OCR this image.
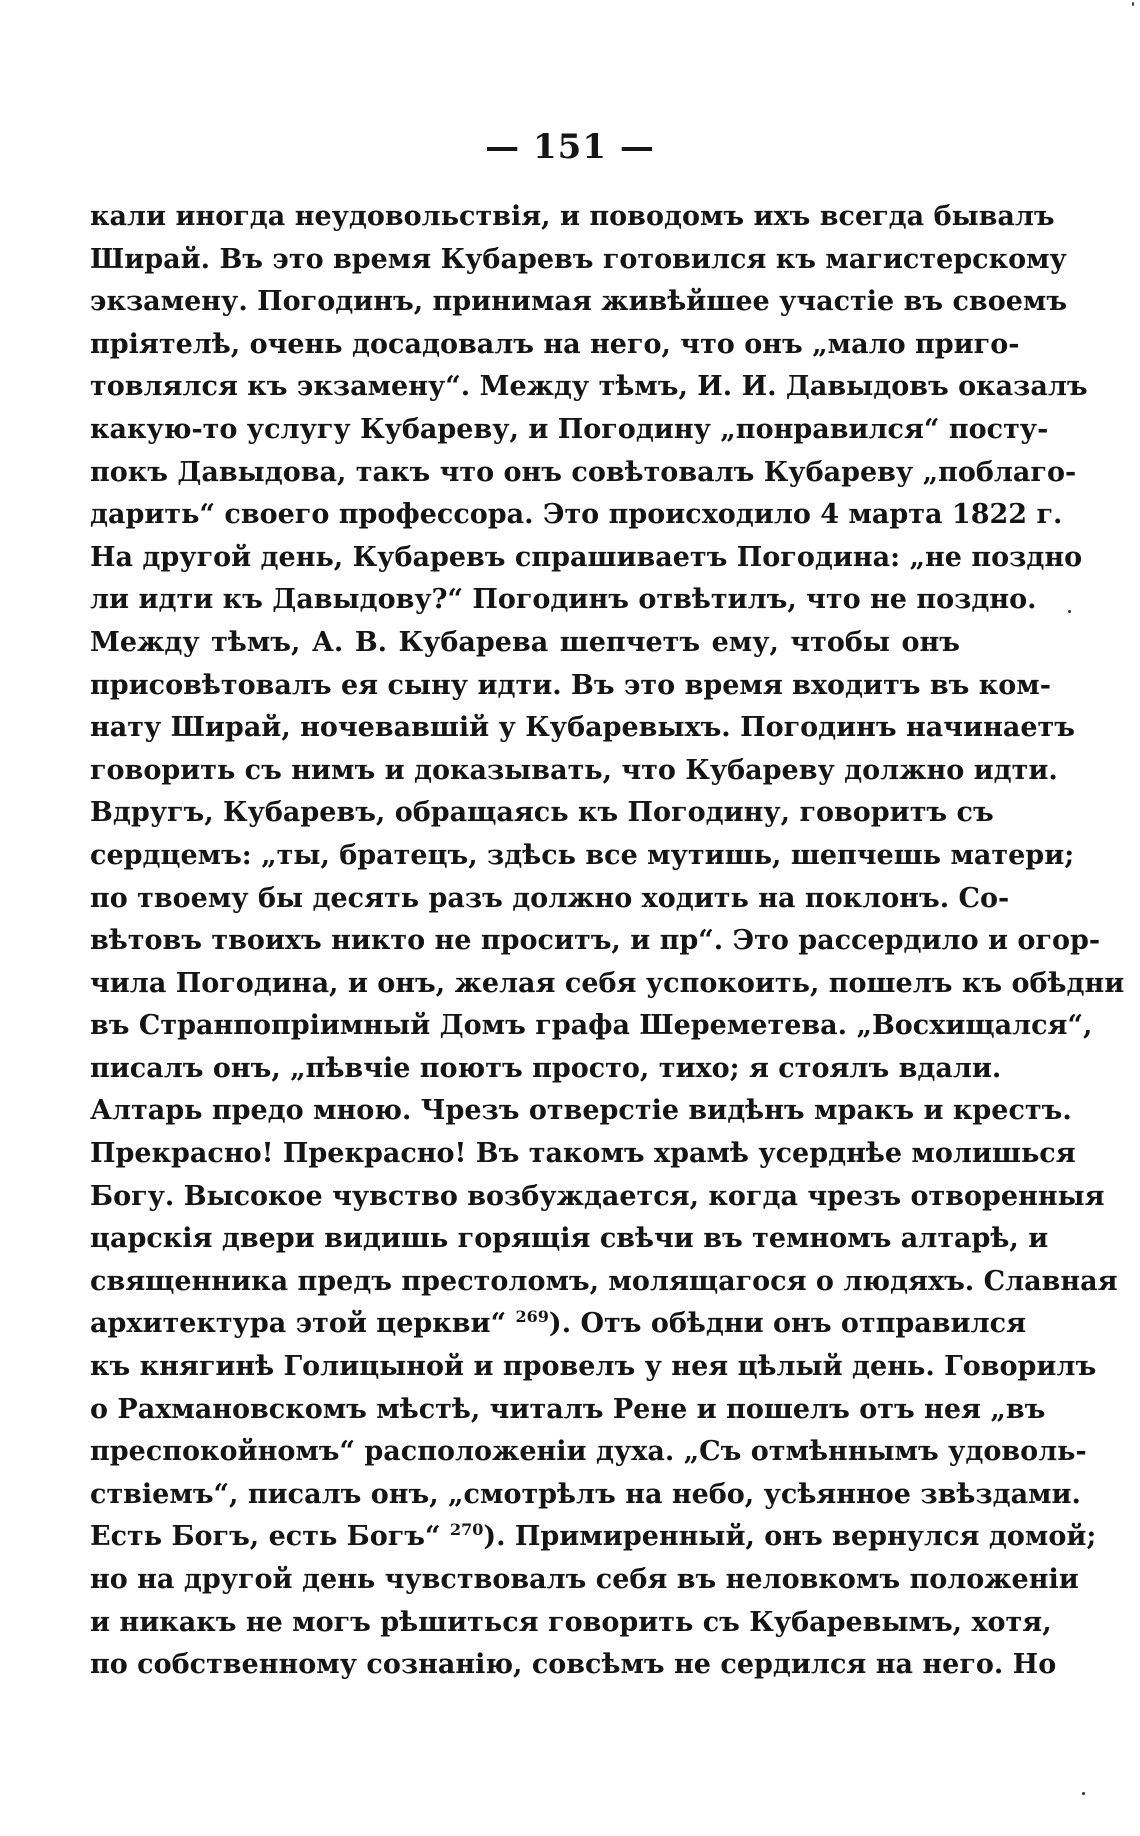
— 151 —
кали иногда неудовольствія, и поводомъ ихъ всегда бывалъ
Ширай. Въ это время Кубаревъ готовился къ магистерскому
экзамену. Погодинъ, принимая живѣйшее участіе въ своемъ
пріятелѣ, очень досадовалъ на него, что онъ „мало приго-
товлялся къ экзамену“. Между тѣмъ, И. И. Давыдовъ оказалъ
какую-то услугу Кубареву, и Погодину „понравился“ посту-
покъ Давыдова, такъ что онъ совѣтовалъ Кубареву „поблаго-
дарить“ своего профессора. Это происходило 4 марта 1822 г.
На другой день, Кубаревъ спрашиваетъ Погодина: „не поздно
ли идти къ Давыдову?“ Погодинъ отвѣтилъ, что не поздно.
Между тѣмъ, А. В. Кубарева шепчетъ ему, чтобы онъ
присовѣтовалъ ея сыну идти. Въ это время входитъ въ ком-
нату Ширай, ночевавшій у Кубаревыхъ. Погодинъ начинаетъ
говорить съ нимъ и доказывать, что Кубареву должно идти.
Вдругъ, Кубаревъ, обращаясь къ Погодину, говоритъ съ
сердцемъ: „ты, братецъ, здѣсь все мутишь, шепчешь матери;
по твоему бы десять разъ должно ходить на поклонъ. Со-
вѣтовъ твоихъ никто не проситъ, и пр“. Это рассердило и огор-
чила Погодина, и онъ, желая себя успокоить, пошелъ къ обѣдни
въ Странпопріимный Домъ графа Шереметева. „Восхищался“,
писалъ онъ, „пѣвчіе поютъ просто, тихо; я стоялъ вдали.
Алтарь предо мною. Чрезъ отверстіе видѣнъ мракъ и крестъ.
Прекрасно! Прекрасно! Въ такомъ храмѣ усерднѣе молишься
Богу. Высокое чувство возбуждается, когда чрезъ отворенныя
царскія двери видишь горящія свѣчи въ темномъ алтарѣ, и
священника предъ престоломъ, молящагося о людяхъ. Славная
архитектура этой церкви“ $^{269}$). Отъ обѣдни онъ отправился
къ княгинѣ Голицыной и провелъ у нея цѣлый день. Говорилъ
о Рахмановскомъ мѣстѣ, читалъ Рене и пошелъ отъ нея „въ
преспокойномъ“ расположеніи духа. „Съ отмѣннымъ удоволь-
ствіемъ“, писалъ онъ, „смотрѣлъ на небо, усѣянное звѣздами.
Есть Богъ, есть Богъ“ $^{270}$). Примиренный, онъ вернулся домой;
но на другой день чувствовалъ себя въ неловкомъ положеніи
и никакъ не могъ рѣшиться говорить съ Кубаревымъ, хотя,
по собственному сознанію, совсѣмъ не сердился на него. Но
